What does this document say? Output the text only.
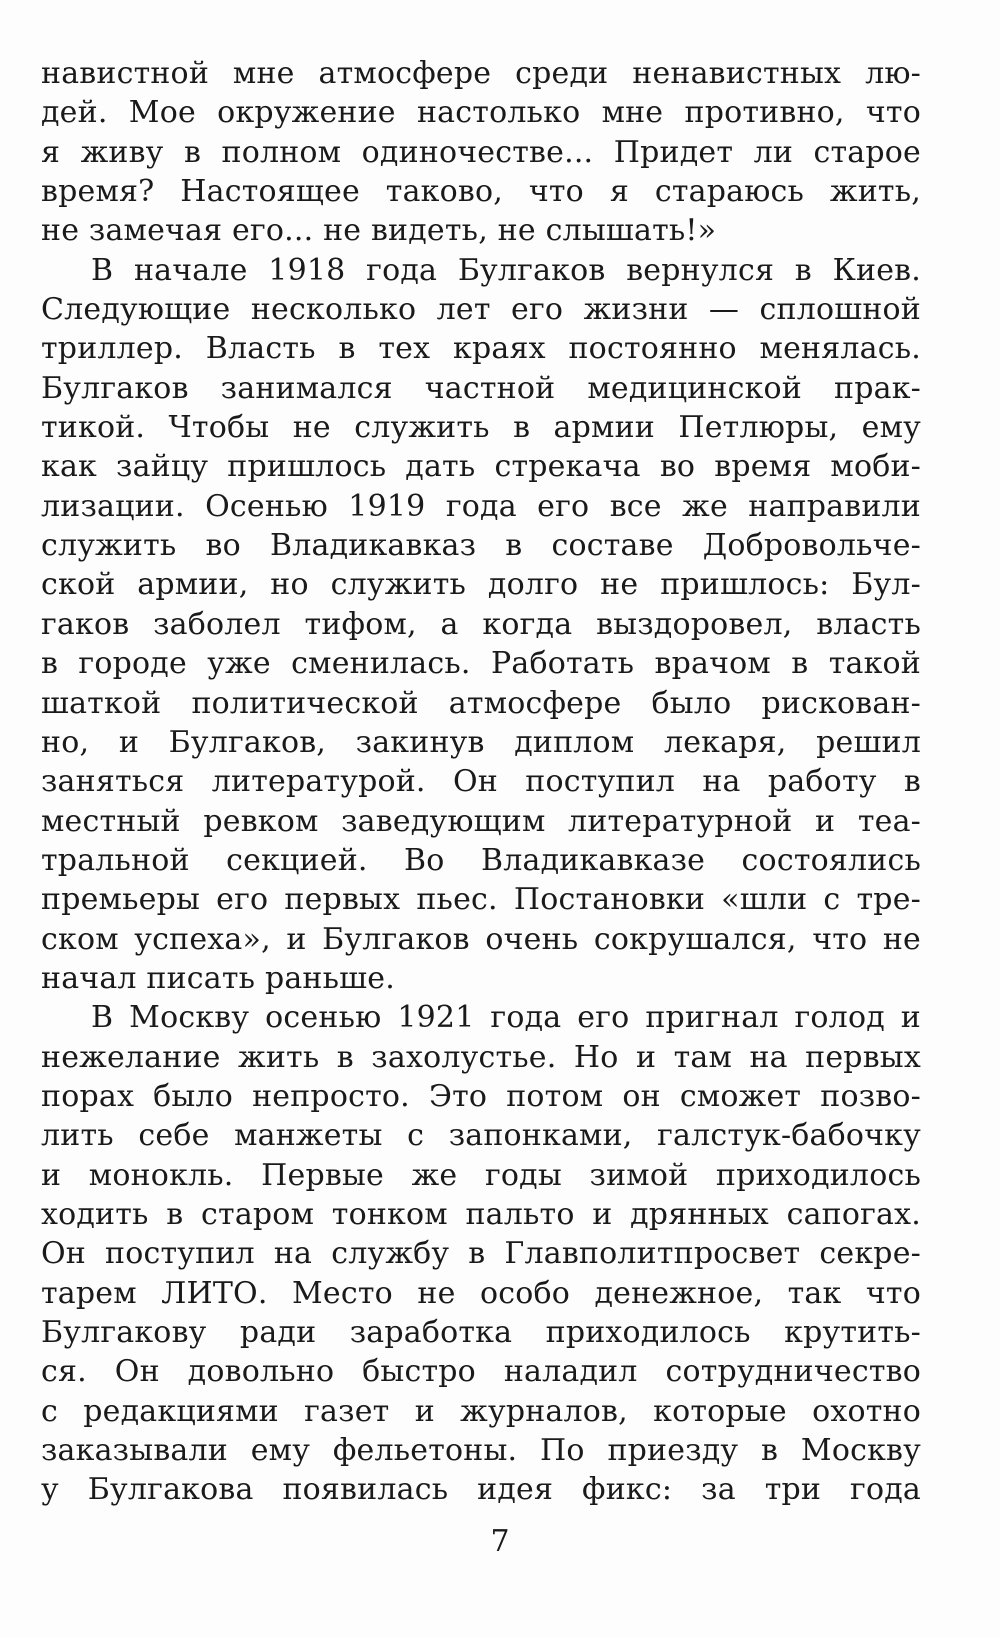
навистной мне атмосфере среди ненавистных лю-
дей. Мое окружение настолько мне противно, что
я живу в полном одиночестве... Придет ли старое
время? Настоящее таково, что я стараюсь жить,
не замечая его... не видеть, не слышать!»
В начале 1918 года Булгаков вернулся в Киев.
Следующие несколько лет его жизни — сплошной
триллер. Власть в тех краях постоянно менялась.
Булгаков занимался частной медицинской прак-
тикой. Чтобы не служить в армии Петлюры, ему
как зайцу пришлось дать стрекача во время моби-
лизации. Осенью 1919 года его все же направили
служить во Владикавказ в составе Добровольче-
ской армии, но служить долго не пришлось: Бул-
гаков заболел тифом, а когда выздоровел, власть
в городе уже сменилась. Работать врачом в такой
шаткой политической атмосфере было рискован-
но, и Булгаков, закинув диплом лекаря, решил
заняться литературой. Он поступил на работу в
местный ревком заведующим литературной и теа-
тральной секцией. Во Владикавказе состоялись
премьеры его первых пьес. Постановки «шли с тре-
ском успеха», и Булгаков очень сокрушался, что не
начал писать раньше.
В Москву осенью 1921 года его пригнал голод и
нежелание жить в захолустье. Но и там на первых
порах было непросто. Это потом он сможет позво-
лить себе манжеты с запонками, галстук-бабочку
и монокль. Первые же годы зимой приходилось
ходить в старом тонком пальто и дрянных сапогах.
Он поступил на службу в Главполитпросвет секре-
тарем ЛИТО. Место не особо денежное, так что
Булгакову ради заработка приходилось крутить-
ся. Он довольно быстро наладил сотрудничество
с редакциями газет и журналов, которые охотно
заказывали ему фельетоны. По приезду в Москву
у Булгакова появилась идея фикс: за три года
7
